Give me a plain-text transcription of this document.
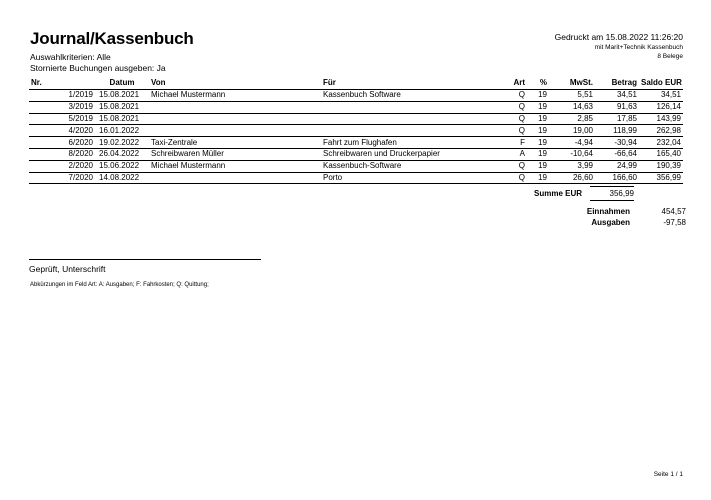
Journal/Kassenbuch
Auswahlkriterien: Alle
Stornierte Buchungen ausgeben: Ja
Gedruckt am 15.08.2022 11:26:20
mit Marit+Technik Kassenbuch
8 Belege
Nr.	Datum	Von	Für	Art	%	MwSt.	Betrag	Saldo EUR
1/2019	15.08.2021	Michael Mustermann	Kassenbuch Software	Q	19	5,51	34,51	34,51
3/2019	15.08.2021			Q	19	14,63	91,63	126,14
5/2019	15.08.2021			Q	19	2,85	17,85	143,99
4/2020	16.01.2022			Q	19	19,00	118,99	262,98
6/2020	19.02.2022	Taxi-Zentrale	Fahrt zum Flughafen	F	19	-4,94	-30,94	232,04
8/2020	26.04.2022	Schreibwaren Müller	Schreibwaren und Druckerpapier	A	19	-10,64	-66,64	165,40
2/2020	15.06.2022	Michael Mustermann	Kassenbuch-Software	Q	19	3,99	24,99	190,39
7/2020	14.08.2022		Porto	Q	19	26,60	166,60	356,99
Summe EUR	356,99
Einnahmen	454,57
Ausgaben	-97,58
Geprüft, Unterschrift
Abkürzungen im Feld Art: A: Ausgaben; F: Fahrkosten; Q: Quittung;
Seite 1 / 1
